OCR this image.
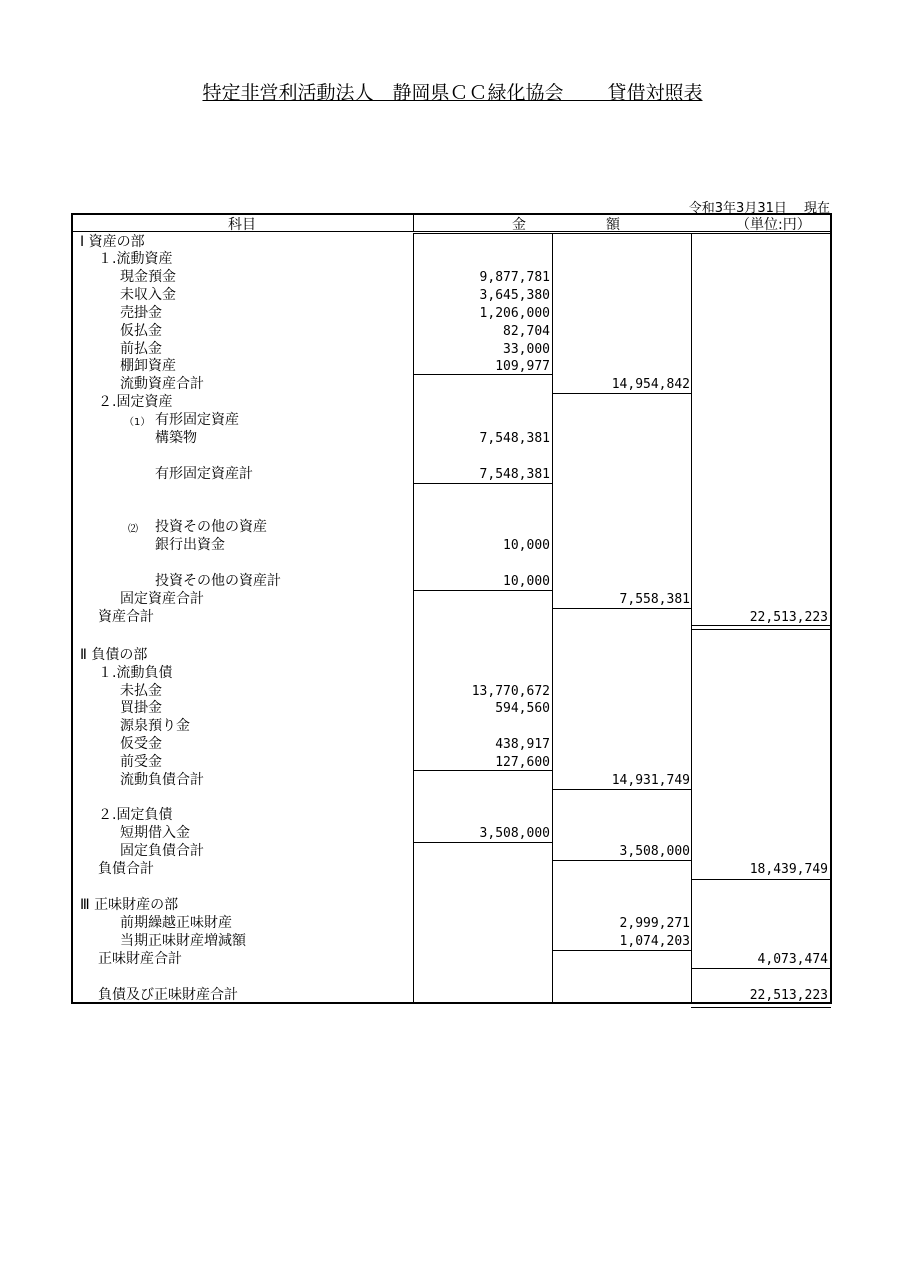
特定非営利活動法人　静岡県ＣＣ緑化協会　　 貸借対照表
令和3年3月31日　 現在
科目	金	額	（単位:円）
Ⅰ 資産の部
１.流動資産
現金預金	9,877,781
未収入金	3,645,380
売掛金	1,206,000
仮払金	82,704
前払金	33,000
棚卸資産	109,977
流動資産合計	14,954,842
２.固定資産
（1） 有形固定資産
構築物	7,548,381
有形固定資産計	7,548,381
⑵ 投資その他の資産
銀行出資金	10,000
投資その他の資産計	10,000
固定資産合計	7,558,381
資産合計	22,513,223
Ⅱ 負債の部
１.流動負債
未払金	13,770,672
買掛金	594,560
源泉預り金
仮受金	438,917
前受金	127,600
流動負債合計	14,931,749
２.固定負債
短期借入金	3,508,000
固定負債合計	3,508,000
負債合計	18,439,749
Ⅲ 正味財産の部
前期繰越正味財産	2,999,271
当期正味財産増減額	1,074,203
正味財産合計	4,073,474
負債及び正味財産合計	22,513,223
